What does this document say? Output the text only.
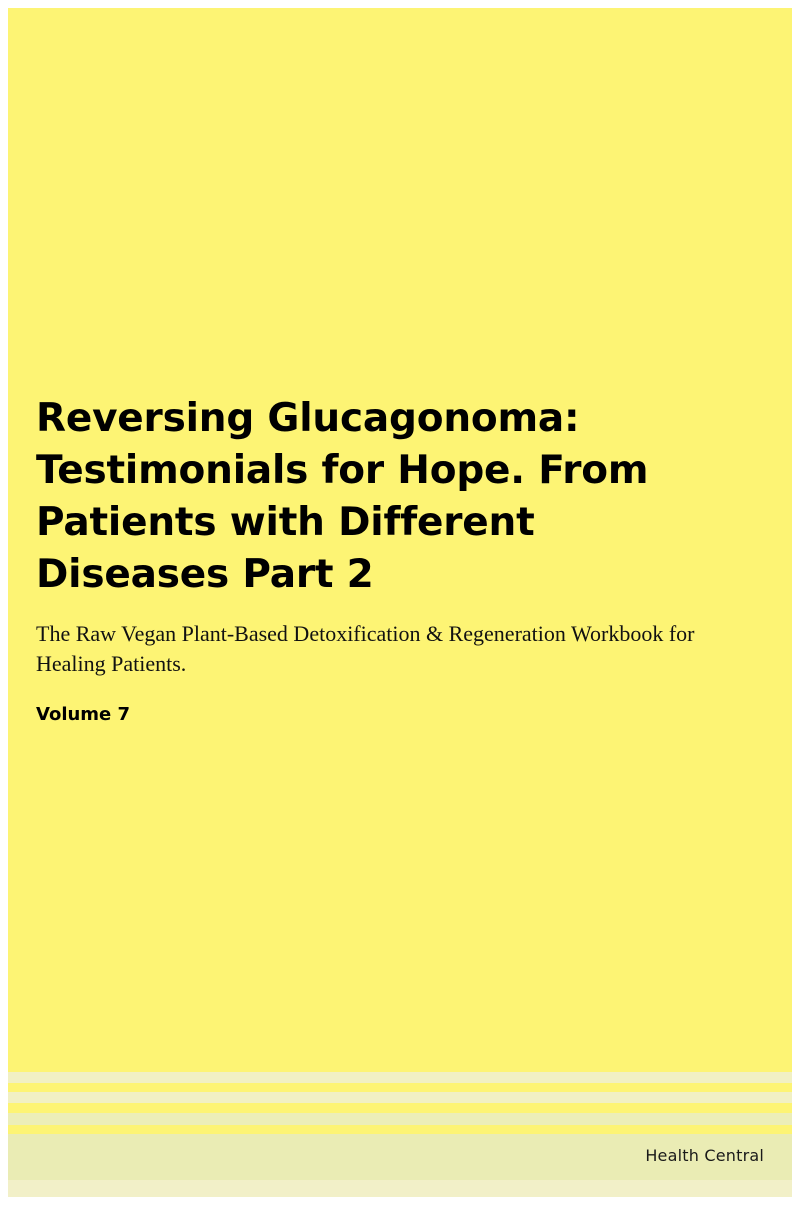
Reversing Glucagonoma: Testimonials for Hope. From Patients with Different Diseases Part 2

The Raw Vegan Plant-Based Detoxification & Regeneration Workbook for Healing Patients.

Volume 7

Health Central
